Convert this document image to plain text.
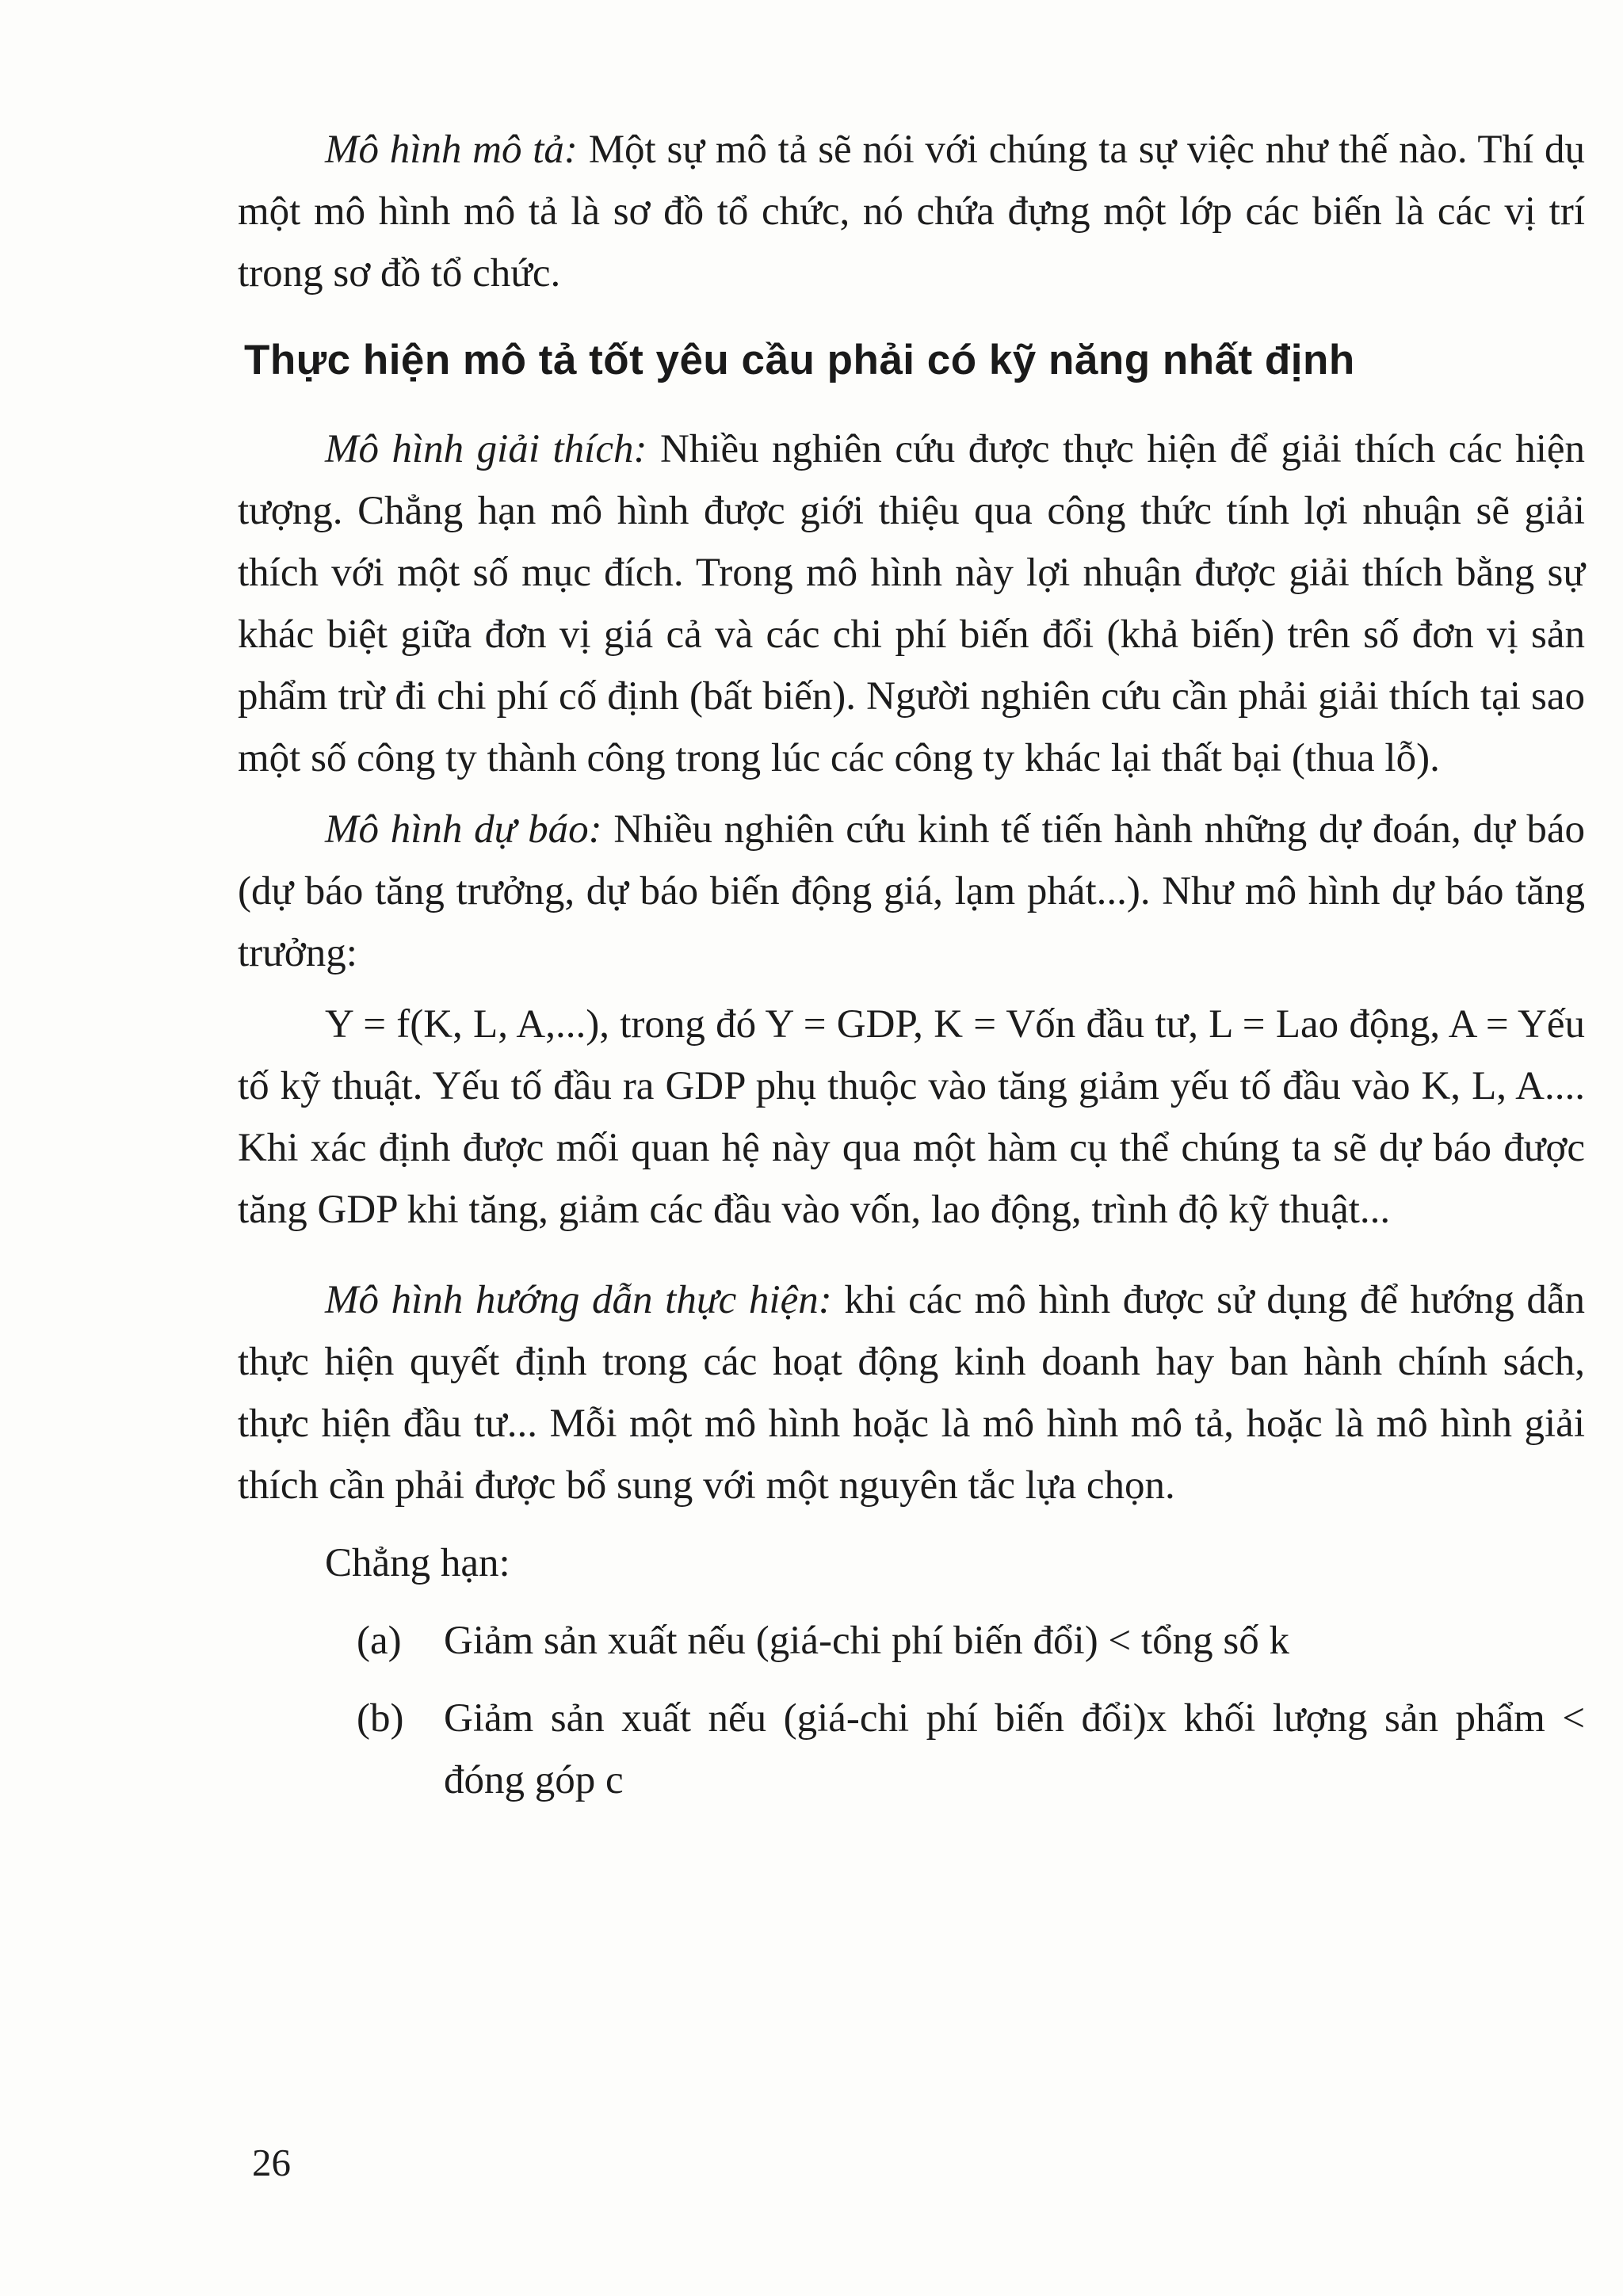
Mô hình mô tả: Một sự mô tả sẽ nói với chúng ta sự việc như thế nào. Thí dụ một mô hình mô tả là sơ đồ tổ chức, nó chứa đựng một lớp các biến là các vị trí trong sơ đồ tổ chức.

Thực hiện mô tả tốt yêu cầu phải có kỹ năng nhất định

Mô hình giải thích: Nhiều nghiên cứu được thực hiện để giải thích các hiện tượng. Chẳng hạn mô hình được giới thiệu qua công thức tính lợi nhuận sẽ giải thích với một số mục đích. Trong mô hình này lợi nhuận được giải thích bằng sự khác biệt giữa đơn vị giá cả và các chi phí biến đổi (khả biến) trên số đơn vị sản phẩm trừ đi chi phí cố định (bất biến). Người nghiên cứu cần phải giải thích tại sao một số công ty thành công trong lúc các công ty khác lại thất bại (thua lỗ).

Mô hình dự báo: Nhiều nghiên cứu kinh tế tiến hành những dự đoán, dự báo (dự báo tăng trưởng, dự báo biến động giá, lạm phát...). Như mô hình dự báo tăng trưởng:

Y = f(K, L, A,...), trong đó Y = GDP, K = Vốn đầu tư, L = Lao động, A = Yếu tố kỹ thuật. Yếu tố đầu ra GDP phụ thuộc vào tăng giảm yếu tố đầu vào K, L, A.... Khi xác định được mối quan hệ này qua một hàm cụ thể chúng ta sẽ dự báo được tăng GDP khi tăng, giảm các đầu vào vốn, lao động, trình độ kỹ thuật...

Mô hình hướng dẫn thực hiện: khi các mô hình được sử dụng để hướng dẫn thực hiện quyết định trong các hoạt động kinh doanh hay ban hành chính sách, thực hiện đầu tư... Mỗi một mô hình hoặc là mô hình mô tả, hoặc là mô hình giải thích cần phải được bổ sung với một nguyên tắc lựa chọn.

Chẳng hạn:

(a)	Giảm sản xuất nếu (giá-chi phí biến đổi) < tổng số k
(b) Giảm sản xuất nếu (giá-chi phí biến đổi)x khối lượng sản phẩm < đóng góp c
26
